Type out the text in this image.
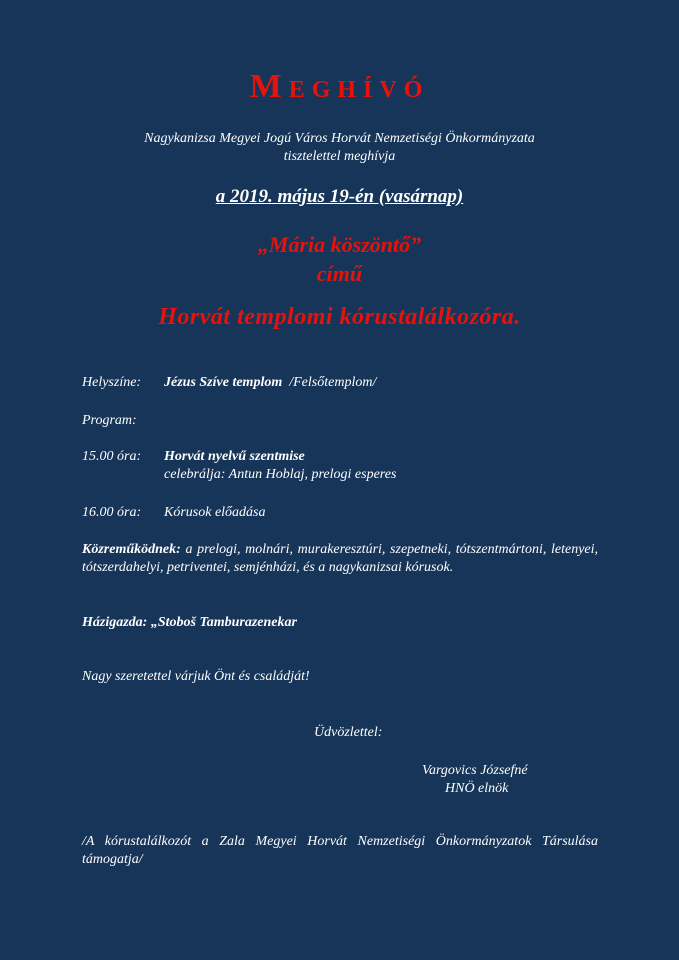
Meghívó
Nagykanizsa Megyei Jogú Város Horvát Nemzetiségi Önkormányzata
tisztelettel meghívja
a 2019. május 19-én (vasárnap)
„Mária köszöntő”
című
Horvát templomi kórustalálkozóra.
Helyszíne: Jézus Szíve templom /Felsőtemplom/
Program:
15.00 óra: Horvát nyelvű szentmise
celebrálja: Antun Hoblaj, prelogi esperes
16.00 óra: Kórusok előadása
Közreműködnek: a prelogi, molnári, murakeresztúri, szepetneki, tótszentmártoni, letenyei, tótszerdahelyi, petriventei, semjénházi, és a nagykanizsai kórusok.
Házigazda: „Stoboš Tamburazenekar
Nagy szeretettel várjuk Önt és családját!
Üdvözlettel:
Vargovics Józsefné
HNÖ elnök
/A kórustalálkozót a Zala Megyei Horvát Nemzetiségi Önkormányzatok Társulása támogatja/
